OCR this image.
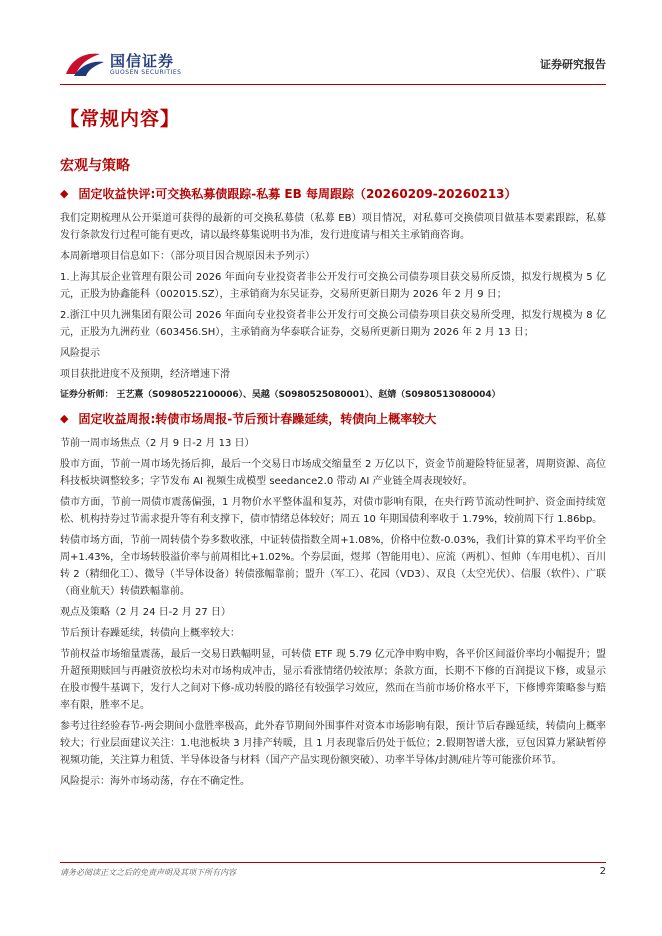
国信证券
GUOSEN SECURITIES
证券研究报告
【常规内容】
宏观与策略
◆ 固定收益快评:可交换私募债跟踪-私募 EB 每周跟踪（20260209-20260213）

我们定期梳理从公开渠道可获得的最新的可交换私募债（私募 EB）项目情况，对私募可交换债项目做基本要素跟踪，私募发行条款发行过程可能有更改，请以最终募集说明书为准，发行进度请与相关主承销商咨询。

本周新增项目信息如下：（部分项目因合规原因未予列示）

1.上海其辰企业管理有限公司 2026 年面向专业投资者非公开发行可交换公司债券项目获交易所反馈，拟发行规模为 5 亿元，正股为协鑫能科（002015.SZ），主承销商为东吴证券，交易所更新日期为 2026 年 2 月 9 日；

2.浙江中贝九洲集团有限公司 2026 年面向专业投资者非公开发行可交换公司债券项目获交易所受理，拟发行规模为 8 亿元，正股为九洲药业（603456.SH），主承销商为华泰联合证券，交易所更新日期为 2026 年 2 月 13 日；

风险提示

项目获批进度不及预期，经济增速下滑

证券分析师： 王艺熹（S0980522100006）、吴越（S0980525080001）、赵婧（S0980513080004）
◆ 固定收益周报:转债市场周报-节后预计春躁延续，转债向上概率较大

节前一周市场焦点（2 月 9 日-2 月 13 日）

股市方面，节前一周市场先扬后抑，最后一个交易日市场成交缩量至 2 万亿以下，资金节前避险特征显著，周期资源、高位科技板块调整较多；字节发布 AI 视频生成模型 seedance2.0 带动 AI 产业链全周表现较好。

债市方面，节前一周债市震荡偏强，1 月物价水平整体温和复苏，对债市影响有限，在央行跨节流动性呵护、资金面持续宽松、机构持券过节需求提升等有利支撑下，债市情绪总体较好；周五 10 年期国债利率收于 1.79%，较前周下行 1.86bp。

转债市场方面，节前一周转债个券多数收涨，中证转债指数全周+1.08%，价格中位数-0.03%，我们计算的算术平均平价全周+1.43%，全市场转股溢价率与前周相比+1.02%。个券层面，煜邦（智能用电）、应流（两机）、恒帅（车用电机）、百川转 2（精细化工）、微导（半导体设备）转债涨幅靠前；盟升（军工）、花园（VD3）、双良（太空光伏）、信服（软件）、广联（商业航天）转债跌幅靠前。

观点及策略（2 月 24 日-2 月 27 日）

节后预计春躁延续，转债向上概率较大：

节前权益市场缩量震荡，最后一交易日跌幅明显，可转债 ETF 现 5.79 亿元净申购申购，各平价区间溢价率均小幅提升；盟升超预期赎回与再融资放松均未对市场构成冲击，显示看涨情绪仍较浓厚；条款方面，长期不下修的百润提议下修，或显示在股市慢牛基调下，发行人之间对下修-成功转股的路径有较强学习效应，然而在当前市场价格水平下，下修博弈策略参与赔率有限，胜率不足。

参考过往经验春节-两会期间小盘胜率极高，此外春节期间外围事件对资本市场影响有限，预计节后春躁延续，转债向上概率较大；行业层面建议关注：1.电池板块 3 月排产转暖，且 1 月表现靠后仍处于低位；2.假期智谱大涨，豆包因算力紧缺暂停视频功能，关注算力租赁、半导体设备与材料（国产产品实现份额突破）、功率半导体/封测/硅片等可能涨价环节。

风险提示：海外市场动荡，存在不确定性。

请务必阅读正文之后的免责声明及其项下所有内容	2
